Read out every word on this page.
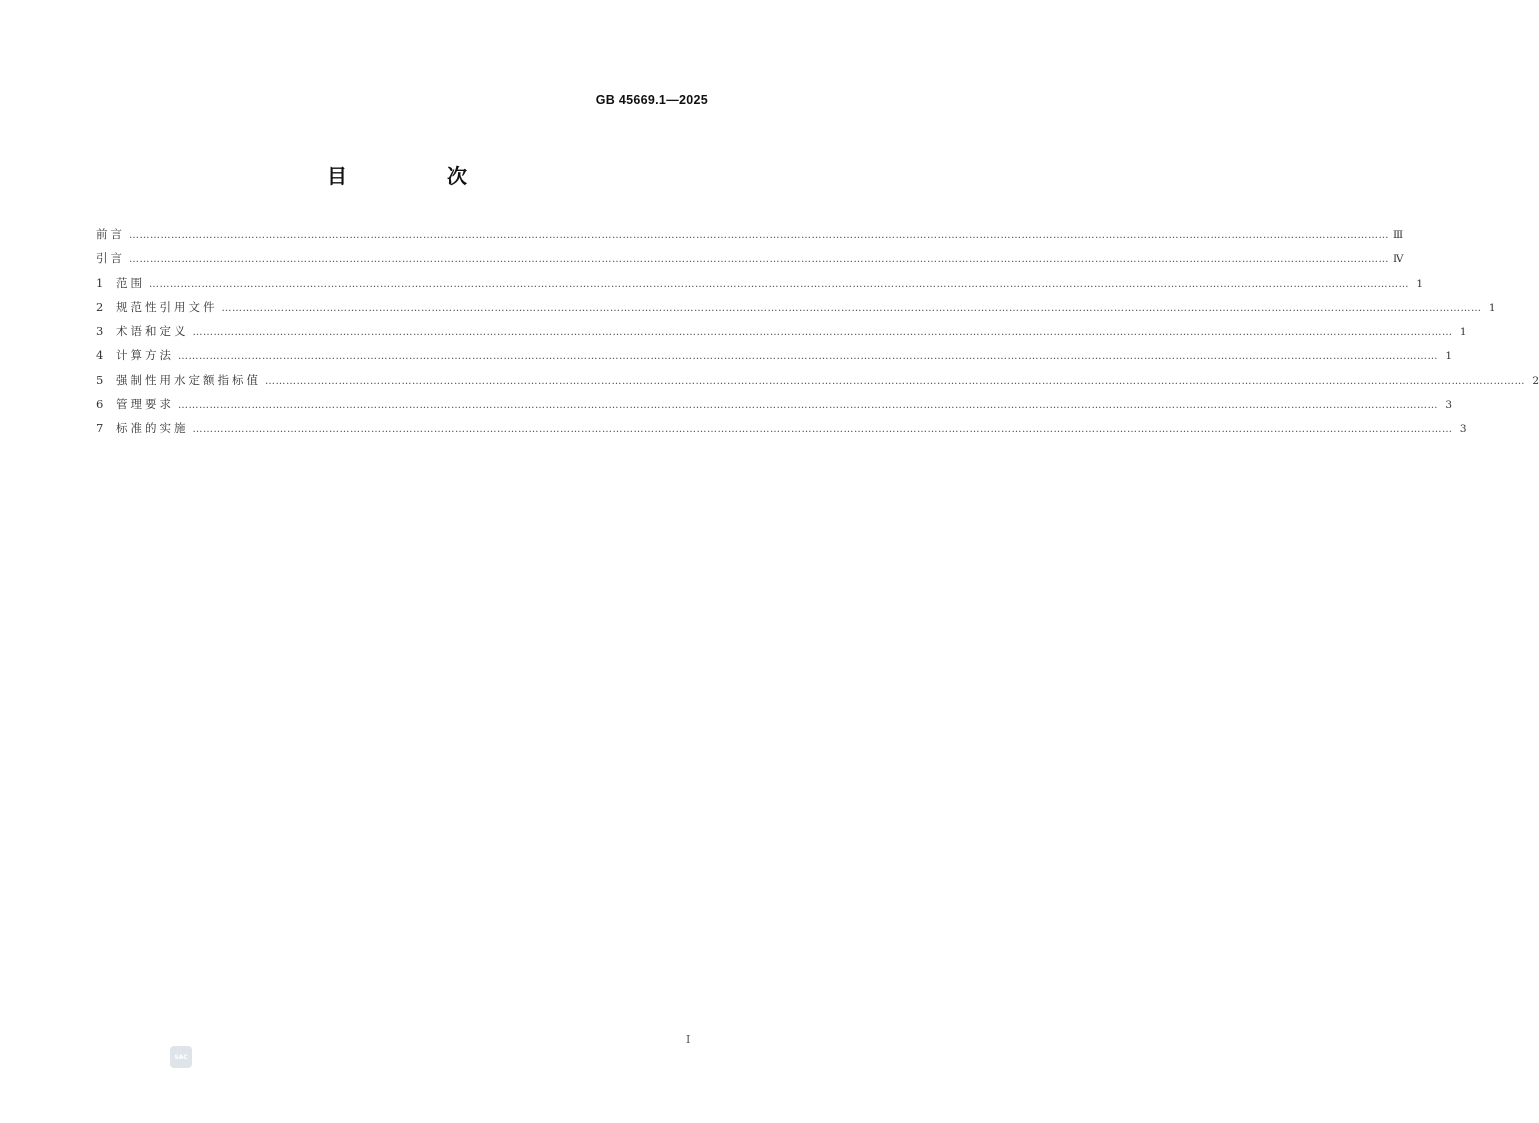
GB 45669.1—2025
目　次
前言 ……………………………………………………………………………………………………………………………………………………………………………………………………………………………………………………………………………………………………………………………… Ⅲ
引言 ……………………………………………………………………………………………………………………………………………………………………………………………………………………………………………………………………………………………………………………………… Ⅳ
1	范围 ……………………………………………………………………………………………………………………………………………………………………………………………………………………………………………………………………………………………………………………………… 1
2	规范性引用文件 ……………………………………………………………………………………………………………………………………………………………………………………………………………………………………………………………………………………………………………………………… 1
3	术语和定义 ……………………………………………………………………………………………………………………………………………………………………………………………………………………………………………………………………………………………………………………………… 1
4	计算方法 ……………………………………………………………………………………………………………………………………………………………………………………………………………………………………………………………………………………………………………………………… 1
5	强制性用水定额指标值 ……………………………………………………………………………………………………………………………………………………………………………………………………………………………………………………………………………………………………………………………… 2
6	管理要求 ……………………………………………………………………………………………………………………………………………………………………………………………………………………………………………………………………………………………………………………………… 3
7	标准的实施 ……………………………………………………………………………………………………………………………………………………………………………………………………………………………………………………………………………………………………………………………… 3
I
SAC
